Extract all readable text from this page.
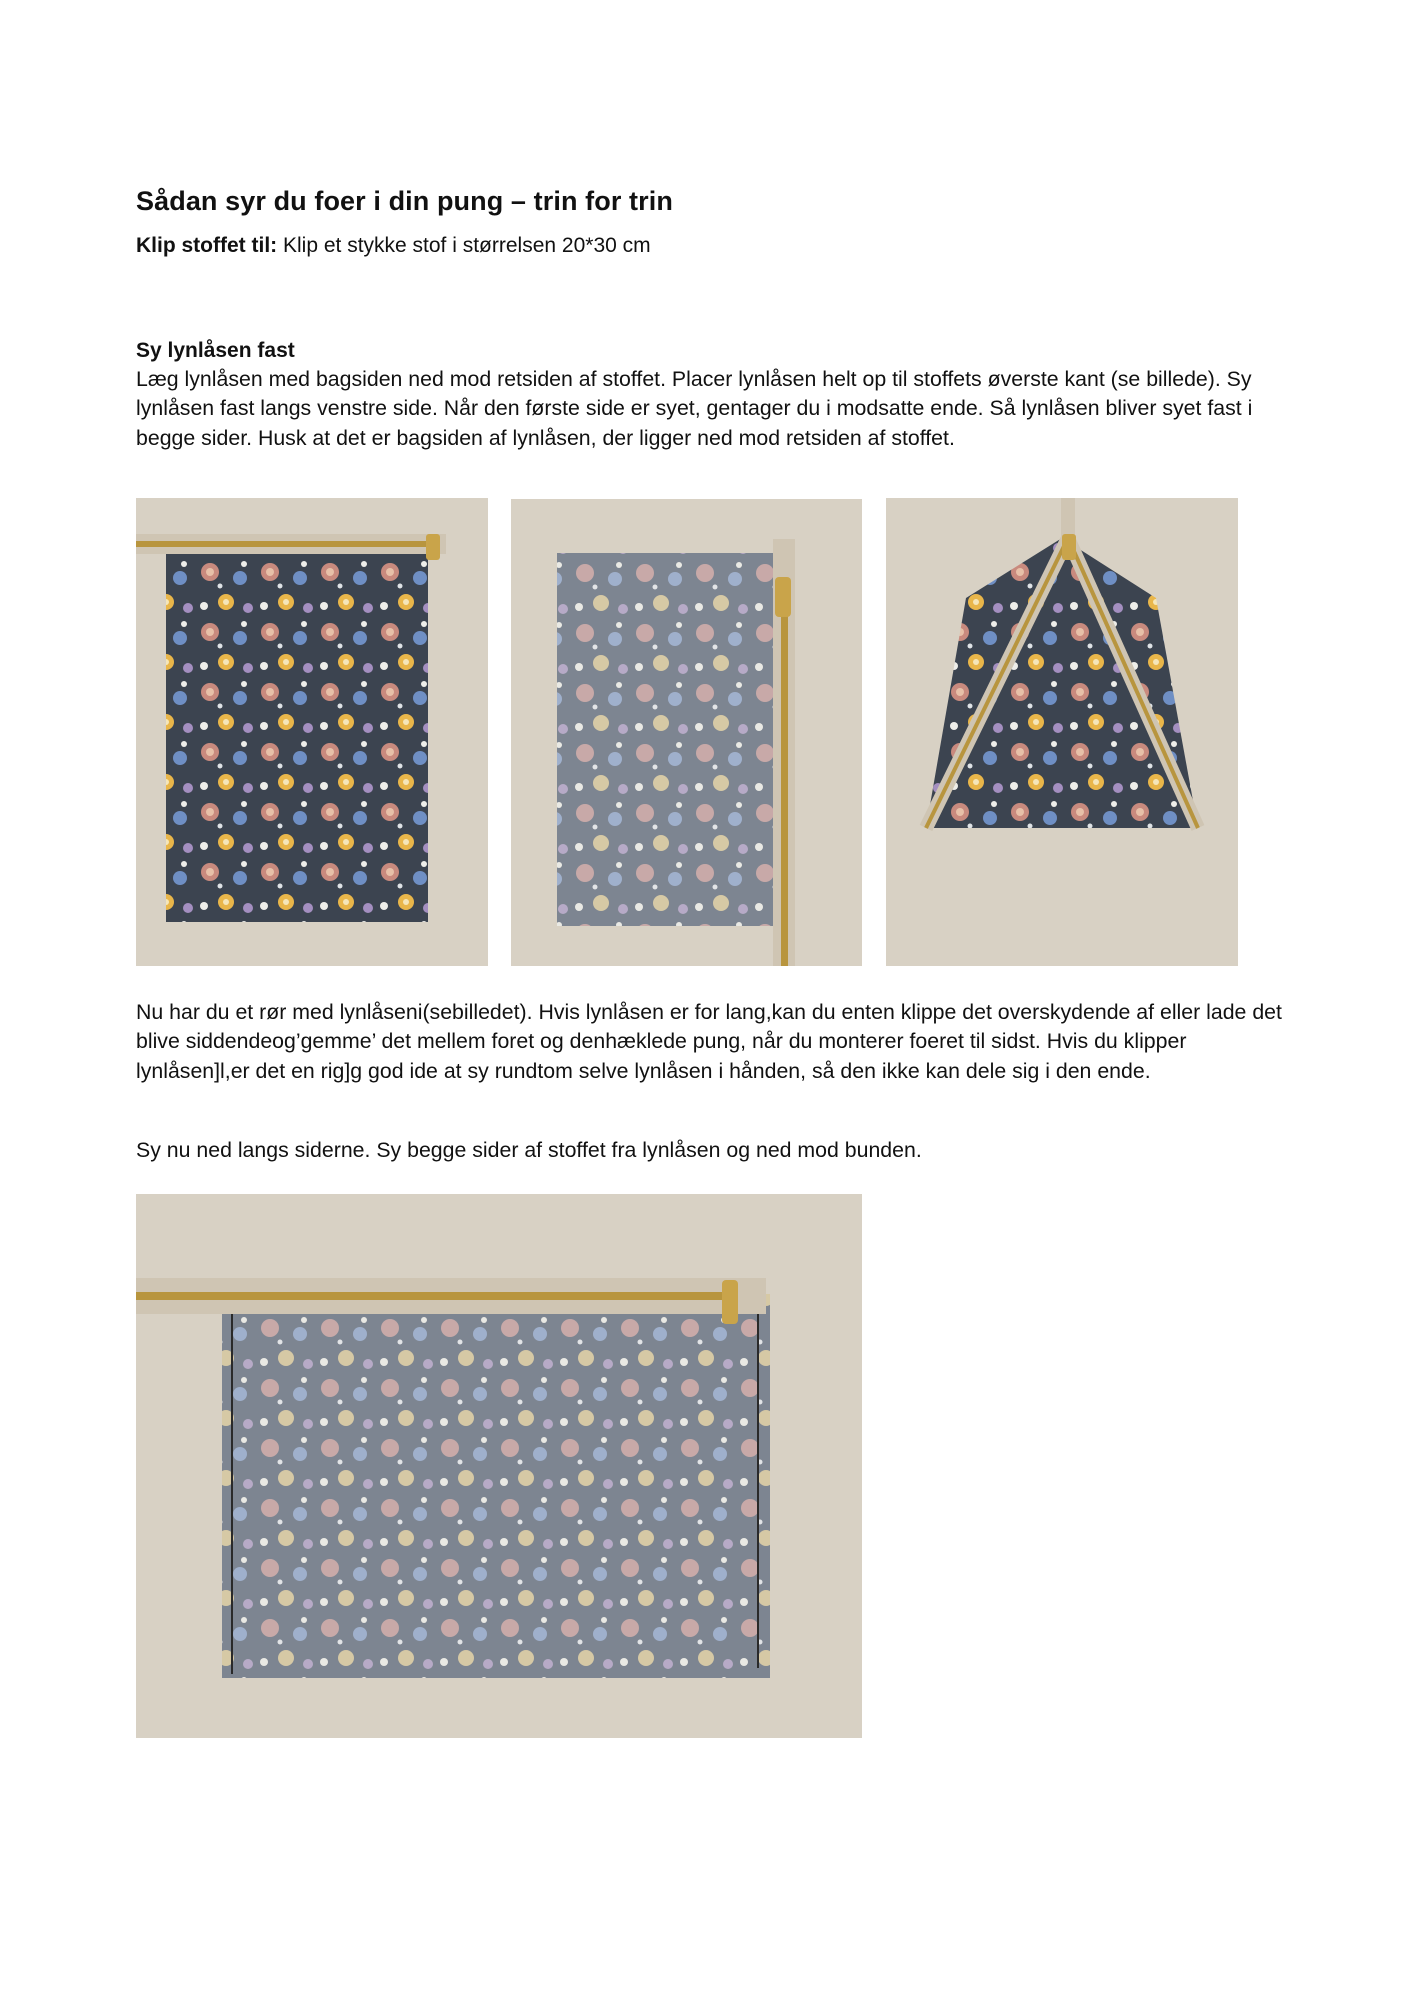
Sådan syr du foer i din pung – trin for trin
Klip stoffet til: Klip et stykke stof i størrelsen 20*30 cm
Sy lynlåsen fast

Læg lynlåsen med bagsiden ned mod retsiden af stoffet. Placer lynlåsen helt op til stoffets øverste kant (se billede). Sy lynlåsen fast langs venstre side. Når den første side er syet, gentager du i modsatte ende. Så lynlåsen bliver syet fast i begge sider. Husk at det er bagsiden af lynlåsen, der ligger ned mod retsiden af stoffet.

Nu har du et rør med lynlåseni(sebilledet). Hvis lynlåsen er for lang,kan du enten klippe det overskydende af eller lade det blive siddendeog’gemme’ det mellem foret og denhæklede pung, når du monterer foeret til sidst. Hvis du klipper lynlåsen]l,er det en rig]g god ide at sy rundtom selve lynlåsen i hånden, så den ikke kan dele sig i den ende.

Sy nu ned langs siderne. Sy begge sider af stoffet fra lynlåsen og ned mod bunden.
